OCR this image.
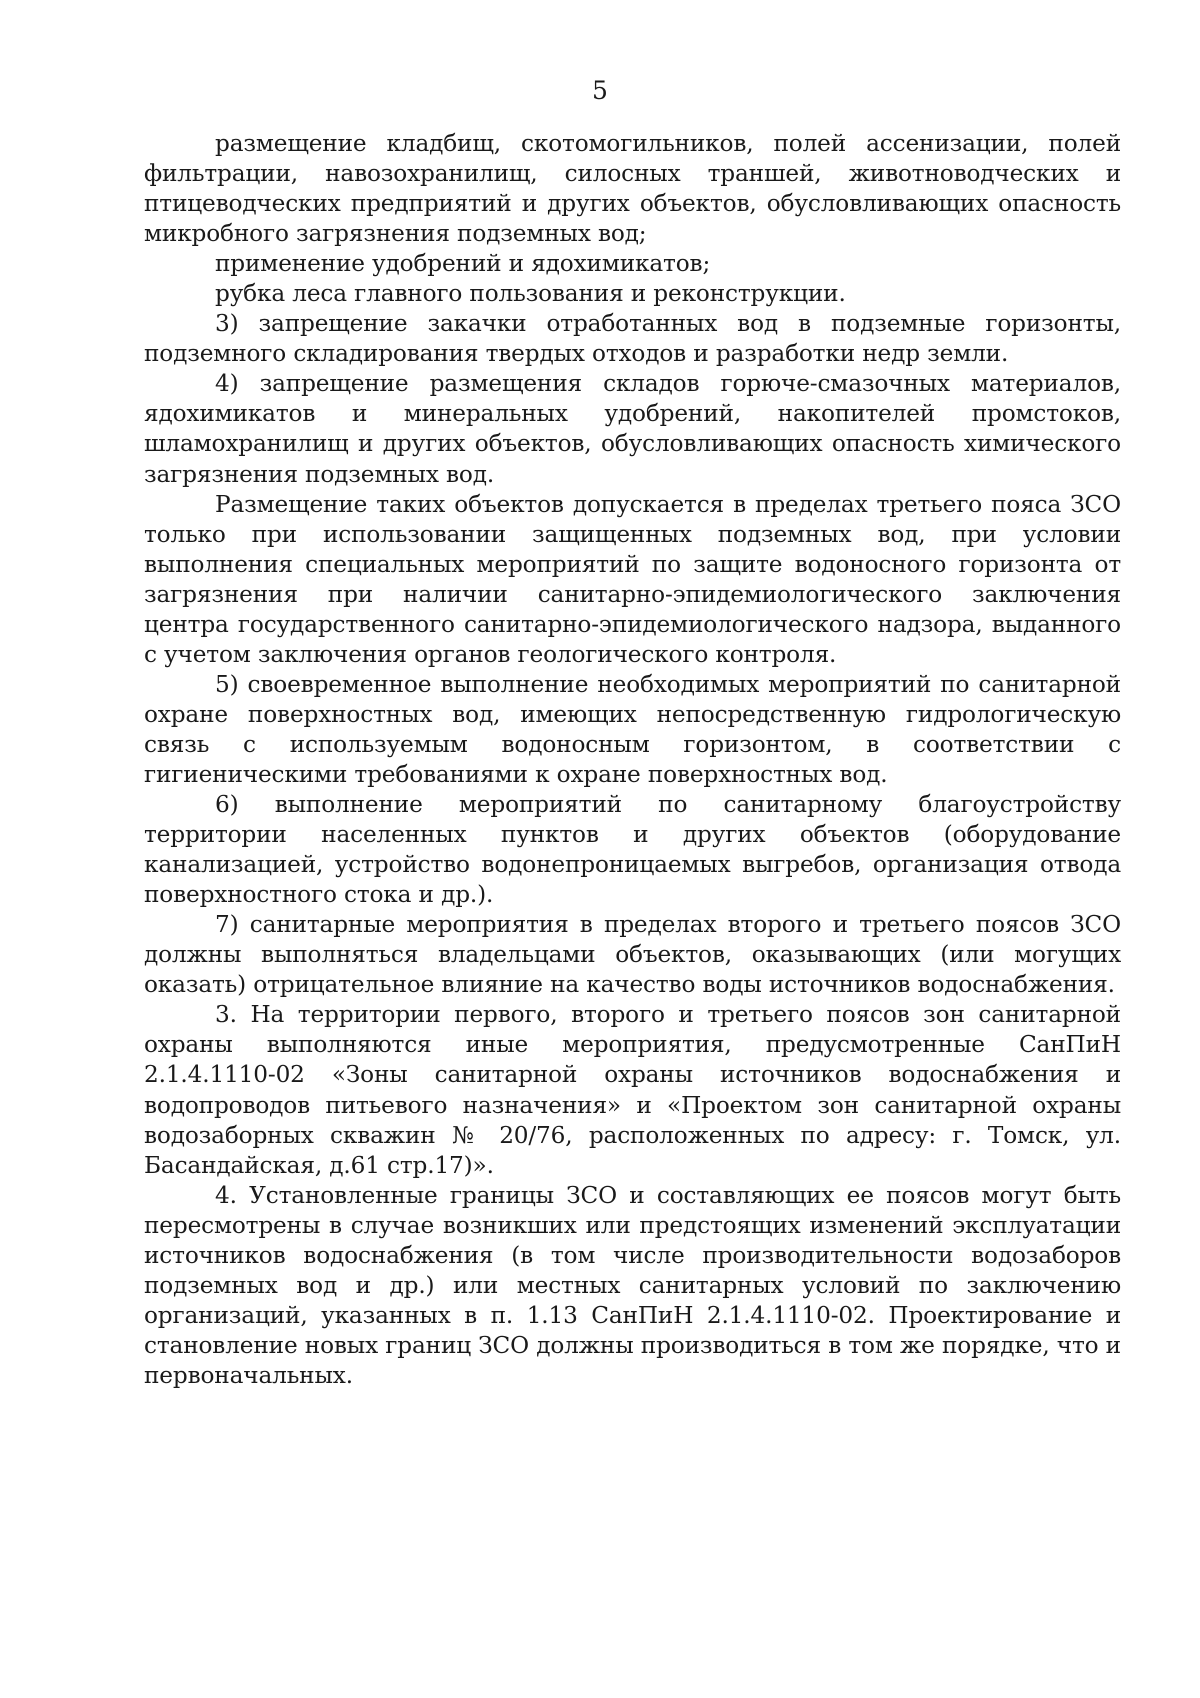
5

размещение кладбищ, скотомогильников, полей ассенизации, полей фильтрации, навозохранилищ, силосных траншей, животноводческих и птицеводческих предприятий и других объектов, обусловливающих опасность микробного загрязнения подземных вод;

применение удобрений и ядохимикатов;

рубка леса главного пользования и реконструкции.

3) запрещение закачки отработанных вод в подземные горизонты, подземного складирования твердых отходов и разработки недр земли.

4) запрещение размещения складов горюче-смазочных материалов, ядохимикатов и минеральных удобрений, накопителей промстоков, шламохранилищ и других объектов, обусловливающих опасность химического загрязнения подземных вод.

Размещение таких объектов допускается в пределах третьего пояса ЗСО только при использовании защищенных подземных вод, при условии выполнения специальных мероприятий по защите водоносного горизонта от загрязнения при наличии санитарно-эпидемиологического заключения центра государственного санитарно-эпидемиологического надзора, выданного с учетом заключения органов геологического контроля.

5) своевременное выполнение необходимых мероприятий по санитарной охране поверхностных вод, имеющих непосредственную гидрологическую связь с используемым водоносным горизонтом, в соответствии с гигиеническими требованиями к охране поверхностных вод.

6) выполнение мероприятий по санитарному благоустройству территории населенных пунктов и других объектов (оборудование канализацией, устройство водонепроницаемых выгребов, организация отвода поверхностного стока и др.).

7) санитарные мероприятия в пределах второго и третьего поясов ЗСО должны выполняться владельцами объектов, оказывающих (или могущих оказать) отрицательное влияние на качество воды источников водоснабжения.

3. На территории первого, второго и третьего поясов зон санитарной охраны выполняются иные мероприятия, предусмотренные СанПиН 2.1.4.1110-02 «Зоны санитарной охраны источников водоснабжения и водопроводов питьевого назначения» и «Проектом зон санитарной охраны водозаборных скважин № 20/76, расположенных по адресу: г. Томск, ул. Басандайская, д.61 стр.17)».

4. Установленные границы ЗСО и составляющих ее поясов могут быть пересмотрены в случае возникших или предстоящих изменений эксплуатации источников водоснабжения (в том числе производительности водозаборов подземных вод и др.) или местных санитарных условий по заключению организаций, указанных в п. 1.13 СанПиН 2.1.4.1110-02. Проектирование и становление новых границ ЗСО должны производиться в том же порядке, что и первоначальных.
